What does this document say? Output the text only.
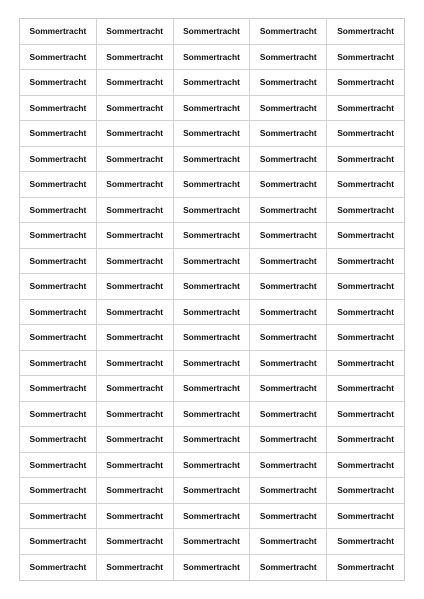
Sommertracht	Sommertracht	Sommertracht	Sommertracht	Sommertracht
Sommertracht	Sommertracht	Sommertracht	Sommertracht	Sommertracht
Sommertracht	Sommertracht	Sommertracht	Sommertracht	Sommertracht
Sommertracht	Sommertracht	Sommertracht	Sommertracht	Sommertracht
Sommertracht	Sommertracht	Sommertracht	Sommertracht	Sommertracht
Sommertracht	Sommertracht	Sommertracht	Sommertracht	Sommertracht
Sommertracht	Sommertracht	Sommertracht	Sommertracht	Sommertracht
Sommertracht	Sommertracht	Sommertracht	Sommertracht	Sommertracht
Sommertracht	Sommertracht	Sommertracht	Sommertracht	Sommertracht
Sommertracht	Sommertracht	Sommertracht	Sommertracht	Sommertracht
Sommertracht	Sommertracht	Sommertracht	Sommertracht	Sommertracht
Sommertracht	Sommertracht	Sommertracht	Sommertracht	Sommertracht
Sommertracht	Sommertracht	Sommertracht	Sommertracht	Sommertracht
Sommertracht	Sommertracht	Sommertracht	Sommertracht	Sommertracht
Sommertracht	Sommertracht	Sommertracht	Sommertracht	Sommertracht
Sommertracht	Sommertracht	Sommertracht	Sommertracht	Sommertracht
Sommertracht	Sommertracht	Sommertracht	Sommertracht	Sommertracht
Sommertracht	Sommertracht	Sommertracht	Sommertracht	Sommertracht
Sommertracht	Sommertracht	Sommertracht	Sommertracht	Sommertracht
Sommertracht	Sommertracht	Sommertracht	Sommertracht	Sommertracht
Sommertracht	Sommertracht	Sommertracht	Sommertracht	Sommertracht
Sommertracht	Sommertracht	Sommertracht	Sommertracht	Sommertracht
